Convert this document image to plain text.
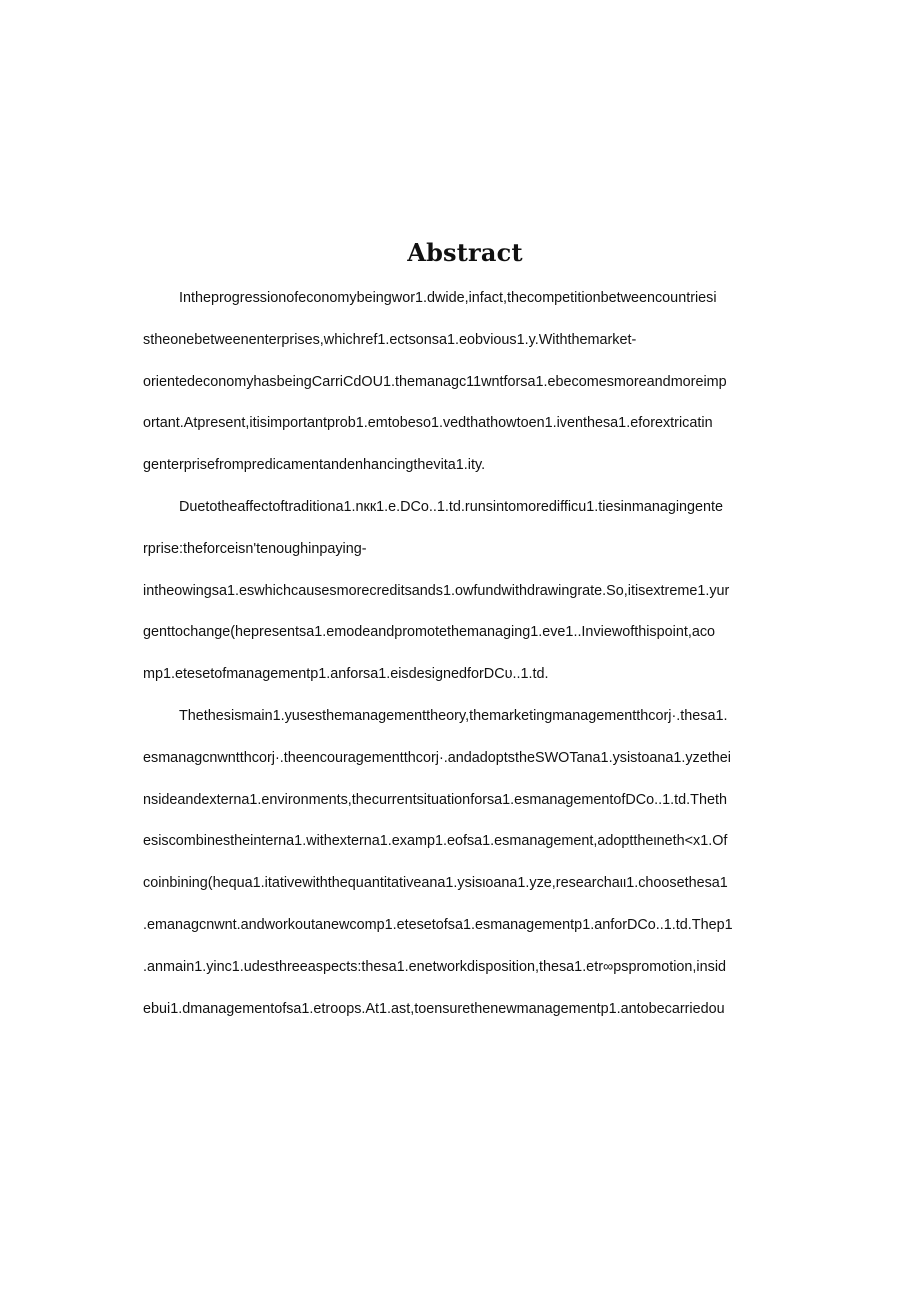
Abstract
Intheprogressionofeconomybeingwor1.dwide,infact,thecompetitionbetweencountriesi
stheonebetweenenterprises,whichref1.ectsonsa1.eobvious1.y.Withthemarket-
orientedeconomyhasbeingCarriCdOU1.themanagc11wntforsa1.ebecomesmoreandmoreimp
ortant.Atpresent,itisimportantprob1.emtobeso1.vedthathowtoen1.iventhesa1.eforextricatin
genterprisefrompredicamentandenhancingthevita1.ity.
Duetotheaffectoftraditiona1.nкк1.e.DCo..1.td.runsintomoredifficu1.tiesinmanagingente
rprise:theforceisn'tenoughinpaying-
intheowingsa1.eswhichcausesmorecreditsands1.owfundwithdrawingrate.So,itisextreme1.yur
genttochange(hepresentsa1.emodeandpromotethemanaging1.eve1..Inviewofthispoint,aco
mp1.etesetofmanagementp1.anforsa1.eisdesignedforDCυ..1.td.
Thethesismain1.yusesthemanagementtheory,themarketingmanagementthcorj·.thesa1.
esmanagcnwntthcorj·.theencouragementthcorj·.andadoptstheSWOTana1.ysistoana1.yzethei
nsideandexterna1.environments,thecurrentsituationforsa1.esmanagementofDCo..1.td.Theth
esiscombinestheinterna1.withexterna1.examp1.eofsa1.esmanagement,adopttheιneth<x1.Of
coinbining(hequa1.itativewiththequantitativeana1.ysisιoana1.yze,researchaιι1.choosethesa1
.emanagcnwnt.andworkoutanewcomp1.etesetofsa1.esmanagementp1.anforDCo..1.td.Thep1
.anmain1.yinc1.udesthreeaspects:thesa1.enetworkdisposition,thesa1.etr∞pspromotion,insid
ebui1.dmanagementofsa1.etroops.At1.ast,toensurethenewmanagementp1.antobecarriedou
